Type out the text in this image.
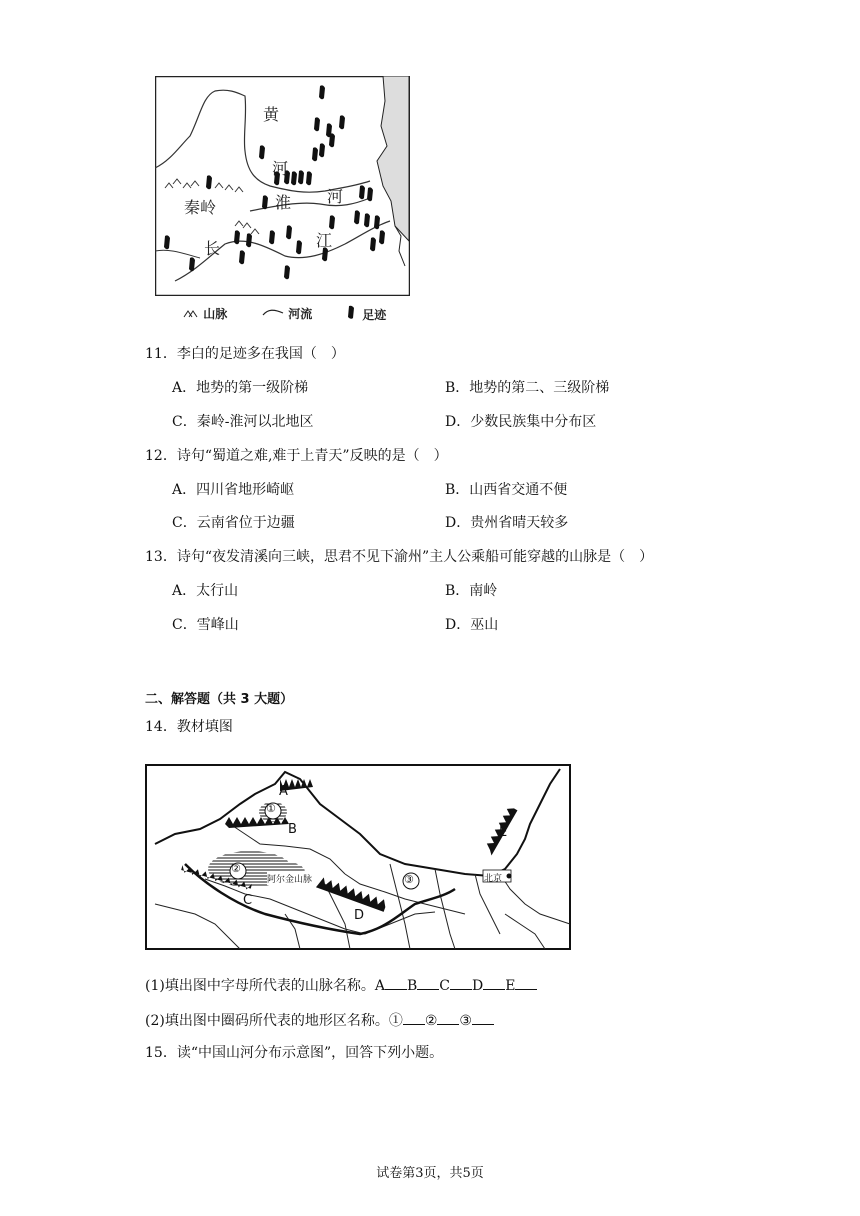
黄
河
秦岭	淮 河
长	江
山脉	河流	足迹
11．李白的足迹多在我国（　）
A．地势的第一级阶梯	B．地势的第二、三级阶梯
C．秦岭-淮河以北地区	D．少数民族集中分布区
12．诗句“蜀道之难,难于上青天”反映的是（　）
A．四川省地形崎岖	B．山西省交通不便
C．云南省位于边疆	D．贵州省晴天较多
13．诗句“夜发清溪向三峡，思君不见下渝州”主人公乘船可能穿越的山脉是（　）
A．太行山	B．南岭
C．雪峰山	D．巫山
二、解答题（共 3 大题）
14．教材填图
A
B
C
D
E
①
②
③
阿尔金山脉	北京
(1)填出图中字母所代表的山脉名称。A B C D E
(2)填出图中圈码所代表的地形区名称。① ② ③
15．读“中国山河分布示意图”，回答下列小题。
试卷第3页，共5页
